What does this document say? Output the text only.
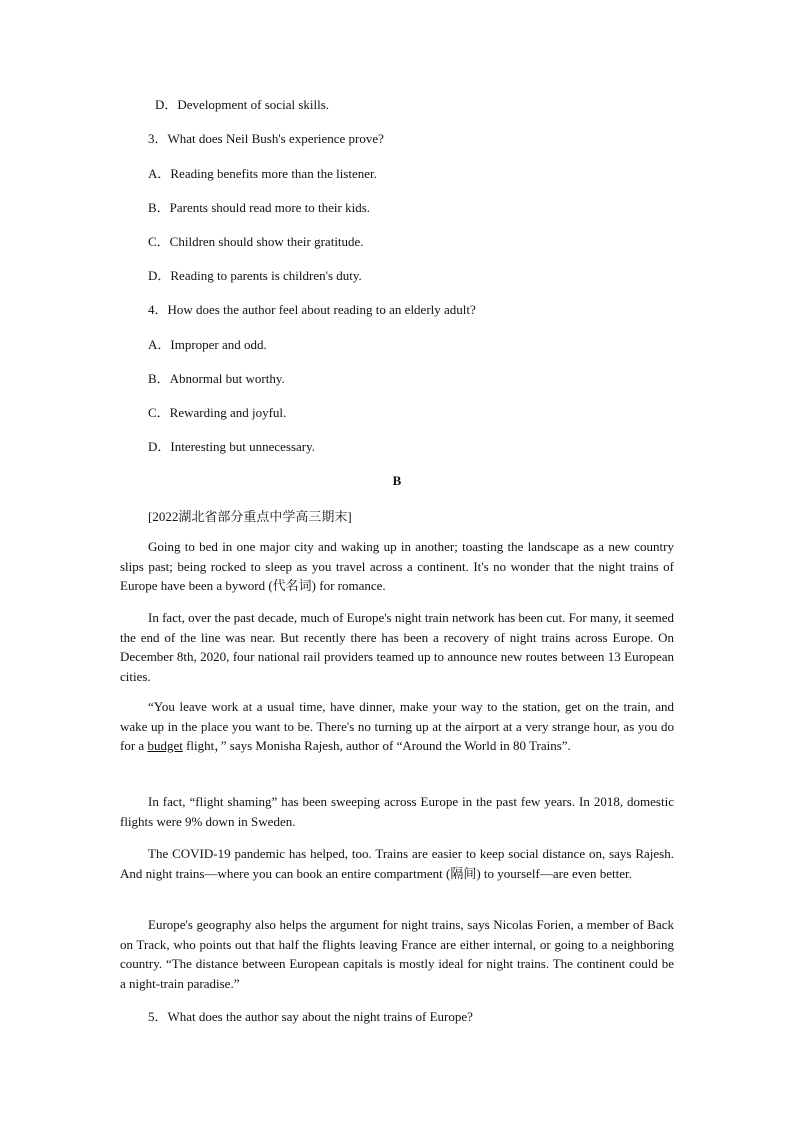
D．Development of social skills.
3．What does Neil Bush's experience prove?
A．Reading benefits more than the listener.
B．Parents should read more to their kids.
C．Children should show their gratitude.
D．Reading to parents is children's duty.
4．How does the author feel about reading to an elderly adult?
A．Improper and odd.
B．Abnormal but worthy.
C．Rewarding and joyful.
D．Interesting but unnecessary.
B
[2022湖北省部分重点中学高三期末]
Going to bed in one major city and waking up in another; toasting the landscape as a new country slips past; being rocked to sleep as you travel across a continent. It's no wonder that the night trains of Europe have been a byword (代名词) for romance.
In fact, over the past decade, much of Europe's night train network has been cut. For many, it seemed the end of the line was near. But recently there has been a recovery of night trains across Europe. On December 8th, 2020, four national rail providers teamed up to announce new routes between 13 European cities.
“You leave work at a usual time, have dinner, make your way to the station, get on the train, and wake up in the place you want to be. There's no turning up at the airport at a very strange hour, as you do for a budget flight，” says Monisha Rajesh, author of “Around the World in 80 Trains”.
In fact, “flight shaming” has been sweeping across Europe in the past few years. In 2018, domestic flights were 9% down in Sweden.
The COVID-19 pandemic has helped, too. Trains are easier to keep social distance on, says Rajesh. And night trains—where you can book an entire compartment (隔间) to yourself—are even better.
Europe's geography also helps the argument for night trains, says Nicolas Forien, a member of Back on Track, who points out that half the flights leaving France are either internal, or going to a neighboring country. “The distance between European capitals is mostly ideal for night trains. The continent could be a night-train paradise.”
5．What does the author say about the night trains of Europe?
